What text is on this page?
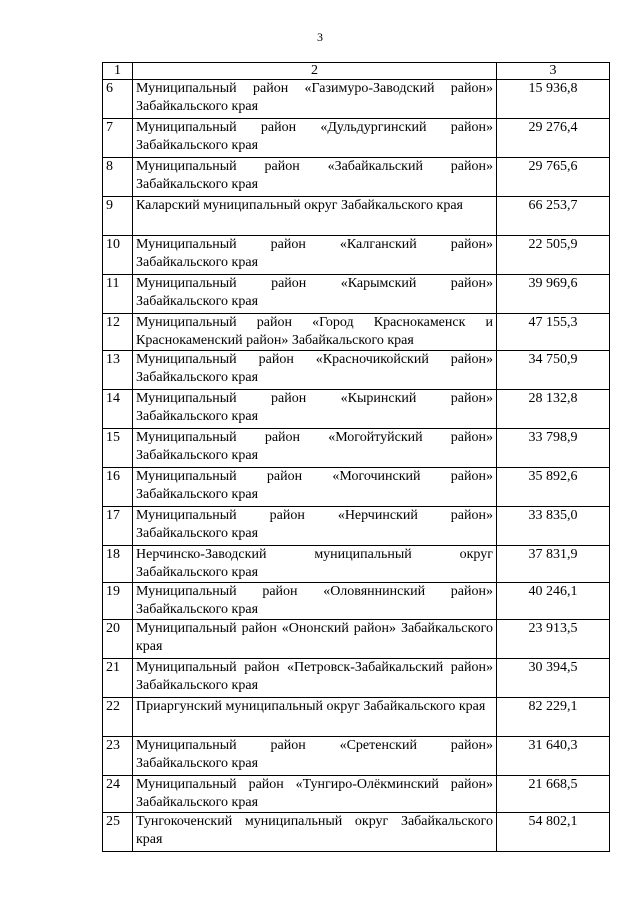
3
1	2	3
6	Муниципальный район «Газимуро-Заводский район» Забайкальского края	15 936,8
7	Муниципальный район «Дульдургинский район» Забайкальского края	29 276,4
8	Муниципальный район «Забайкальский район» Забайкальского края	29 765,6
9	Каларский муниципальный округ Забайкальского края	66 253,7
10	Муниципальный район «Калганский район» Забайкальского края	22 505,9
11	Муниципальный район «Карымский район» Забайкальского края	39 969,6
12	Муниципальный район «Город Краснокаменск и Краснокаменский район» Забайкальского края	47 155,3
13	Муниципальный район «Красночикойский район» Забайкальского края	34 750,9
14	Муниципальный район «Кыринский район» Забайкальского края	28 132,8
15	Муниципальный район «Могойтуйский район» Забайкальского края	33 798,9
16	Муниципальный район «Могочинский район» Забайкальского края	35 892,6
17	Муниципальный район «Нерчинский район» Забайкальского края	33 835,0
18	Нерчинско-Заводский муниципальный округ Забайкальского края	37 831,9
19	Муниципальный район «Оловяннинский район» Забайкальского края	40 246,1
20	Муниципальный район «Ононский район» Забайкальского края	23 913,5
21	Муниципальный район «Петровск-Забайкальский район» Забайкальского края	30 394,5
22	Приаргунский муниципальный округ Забайкальского края	82 229,1
23	Муниципальный район «Сретенский район» Забайкальского края	31 640,3
24	Муниципальный район «Тунгиро-Олёкминский район» Забайкальского края	21 668,5
25	Тунгокоченский муниципальный округ Забайкальского края	54 802,1
